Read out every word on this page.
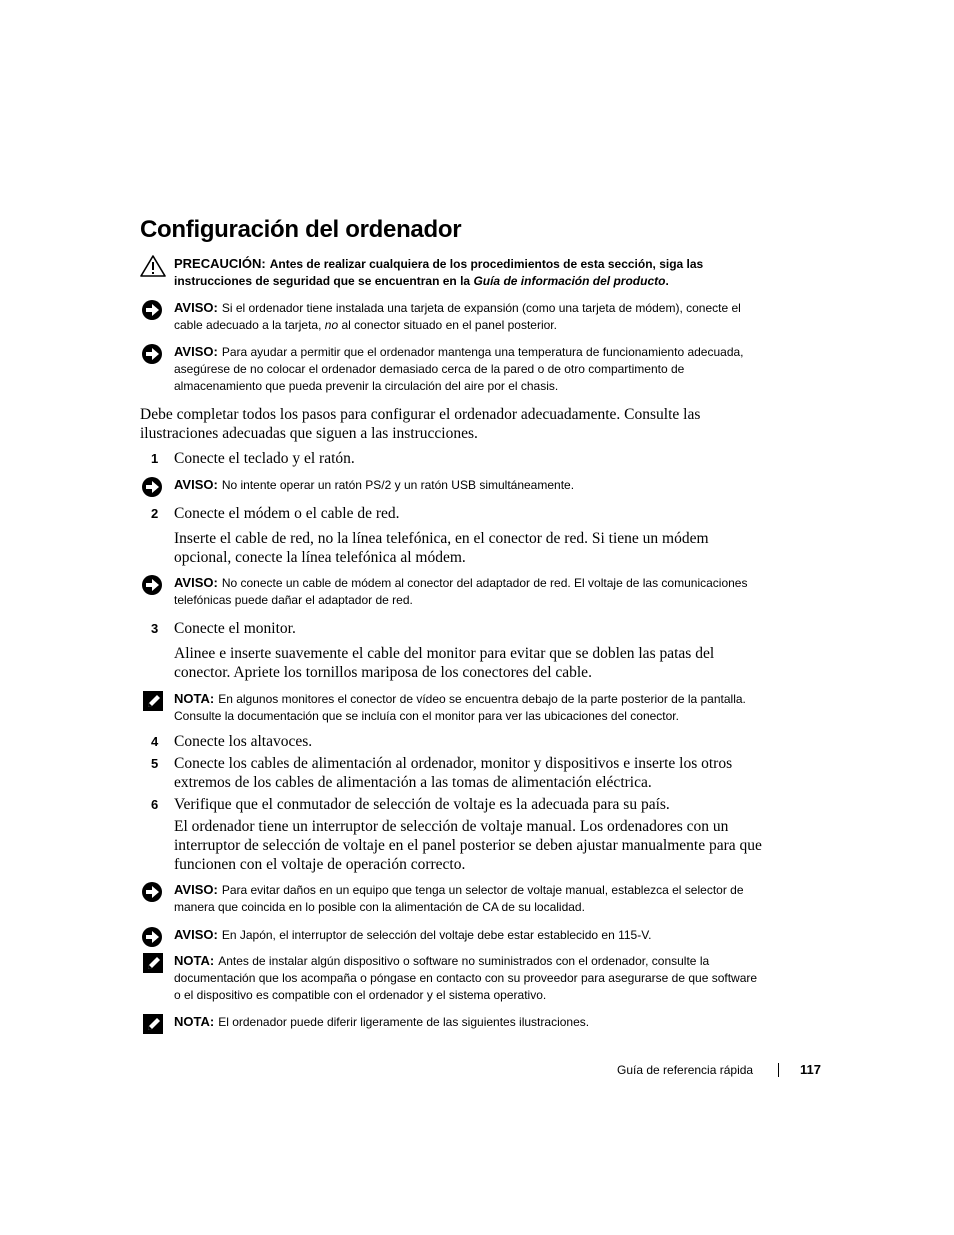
Configuración del ordenador
PRECAUCIÓN: Antes de realizar cualquiera de los procedimientos de esta sección, siga las instrucciones de seguridad que se encuentran en la Guía de información del producto.
AVISO: Si el ordenador tiene instalada una tarjeta de expansión (como una tarjeta de módem), conecte el cable adecuado a la tarjeta, no al conector situado en el panel posterior.
AVISO: Para ayudar a permitir que el ordenador mantenga una temperatura de funcionamiento adecuada, asegúrese de no colocar el ordenador demasiado cerca de la pared o de otro compartimento de almacenamiento que pueda prevenir la circulación del aire por el chasis.

Debe completar todos los pasos para configurar el ordenador adecuadamente. Consulte las ilustraciones adecuadas que siguen a las instrucciones.

1 Conecte el teclado y el ratón.
AVISO: No intente operar un ratón PS/2 y un ratón USB simultáneamente.
2 Conecte el módem o el cable de red.

Inserte el cable de red, no la línea telefónica, en el conector de red. Si tiene un módem opcional, conecte la línea telefónica al módem.

AVISO: No conecte un cable de módem al conector del adaptador de red. El voltaje de las comunicaciones telefónicas puede dañar el adaptador de red.
3 Conecte el monitor.

Alinee e inserte suavemente el cable del monitor para evitar que se doblen las patas del conector. Apriete los tornillos mariposa de los conectores del cable.

NOTA: En algunos monitores el conector de vídeo se encuentra debajo de la parte posterior de la pantalla. Consulte la documentación que se incluía con el monitor para ver las ubicaciones del conector.
4 Conecte los altavoces.
5 Conecte los cables de alimentación al ordenador, monitor y dispositivos e inserte los otros extremos de los cables de alimentación a las tomas de alimentación eléctrica.
6 Verifique que el conmutador de selección de voltaje es la adecuada para su país.

El ordenador tiene un interruptor de selección de voltaje manual. Los ordenadores con un interruptor de selección de voltaje en el panel posterior se deben ajustar manualmente para que funcionen con el voltaje de operación correcto.

AVISO: Para evitar daños en un equipo que tenga un selector de voltaje manual, establezca el selector de manera que coincida en lo posible con la alimentación de CA de su localidad.
AVISO: En Japón, el interruptor de selección del voltaje debe estar establecido en 115-V.
NOTA: Antes de instalar algún dispositivo o software no suministrados con el ordenador, consulte la documentación que los acompaña o póngase en contacto con su proveedor para asegurarse de que software o el dispositivo es compatible con el ordenador y el sistema operativo.
NOTA: El ordenador puede diferir ligeramente de las siguientes ilustraciones.
Guía de referencia rápida	117
